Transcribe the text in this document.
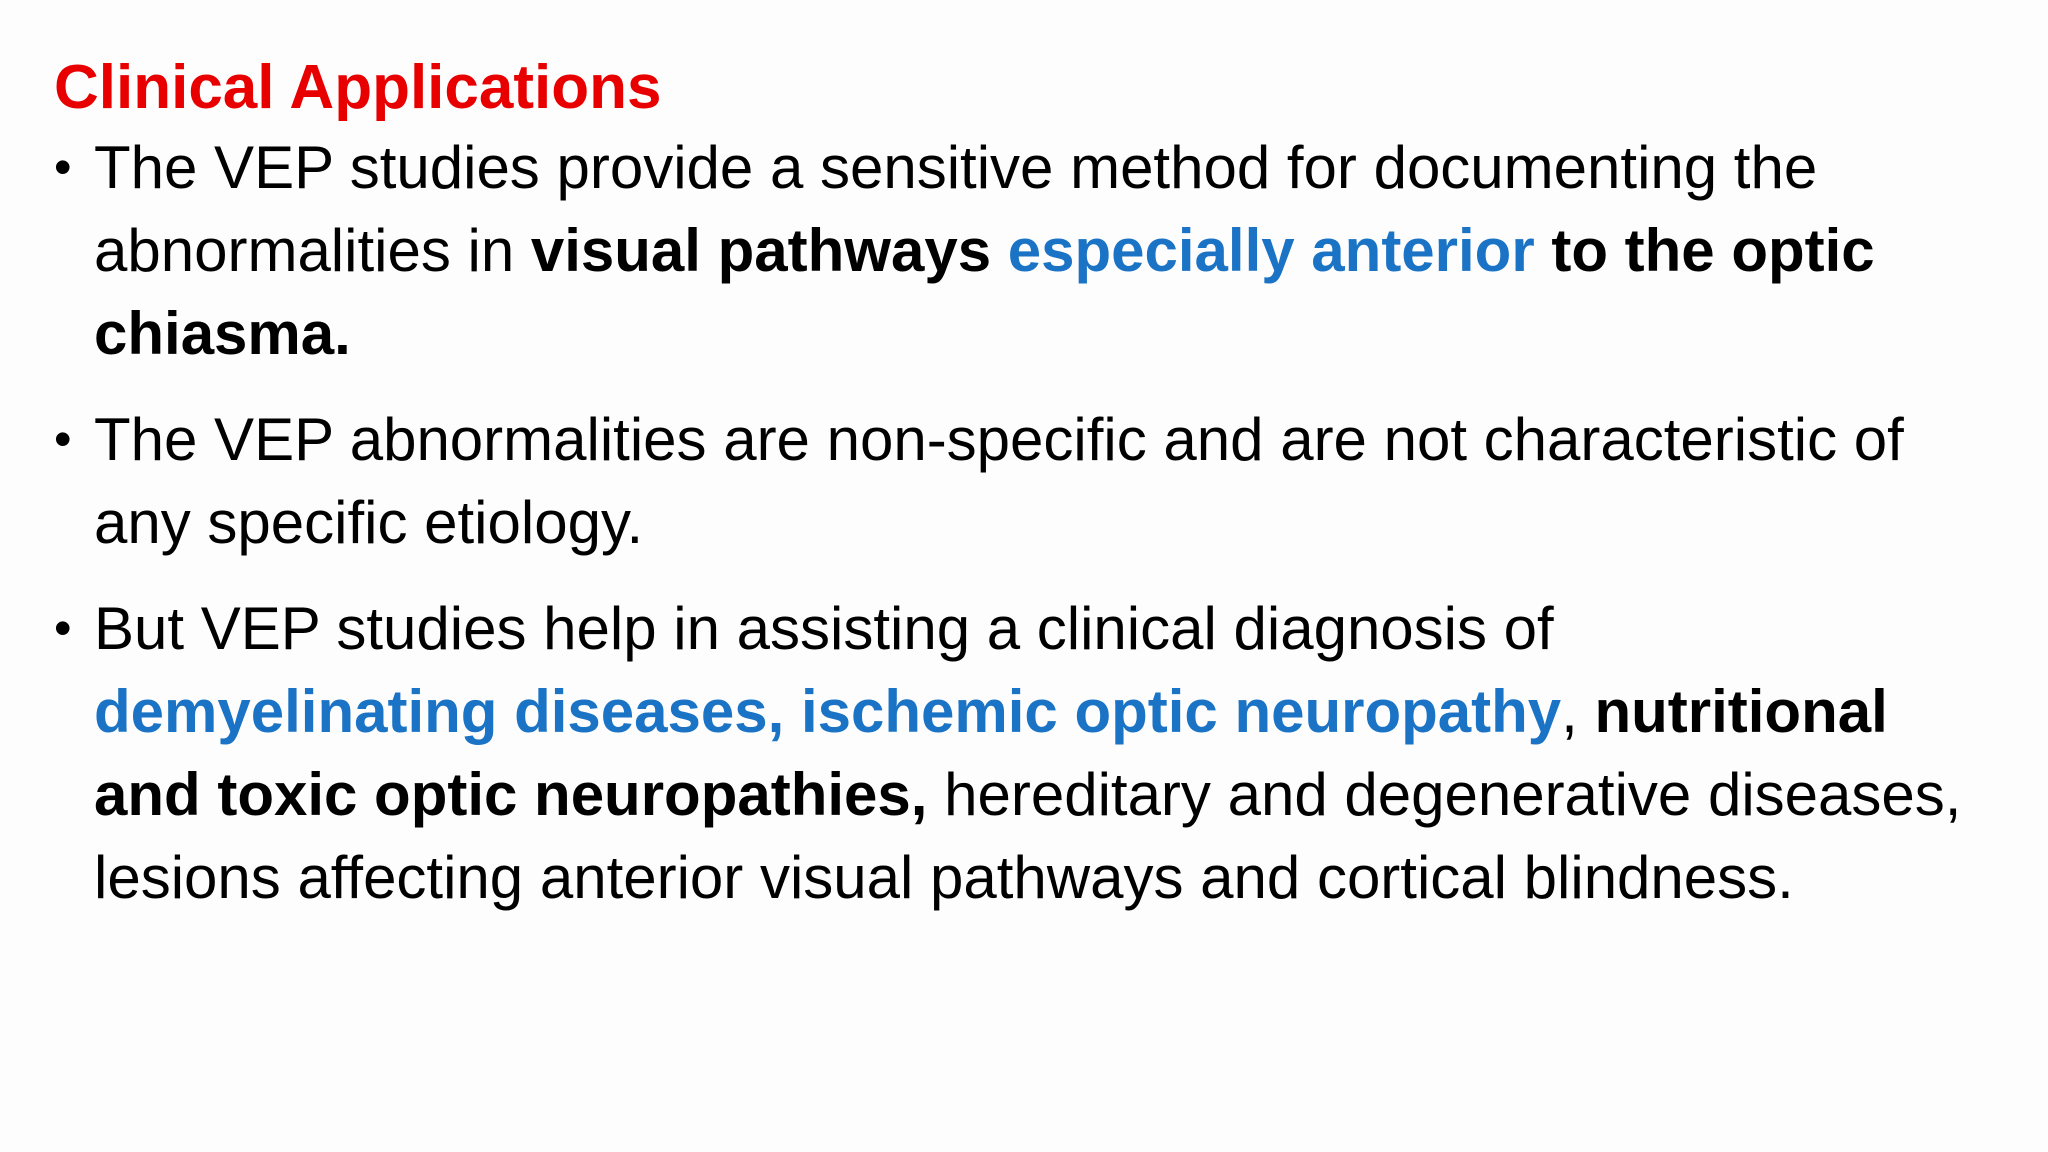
Clinical Applications
• The VEP studies provide a sensitive method for documenting the abnormalities in visual pathways especially anterior to the optic chiasma.
• The VEP abnormalities are non-specific and are not characteristic of any specific etiology.
• But VEP studies help in assisting a clinical diagnosis of demyelinating diseases, ischemic optic neuropathy, nutritional and toxic optic neuropathies, hereditary and degenerative diseases, lesions affecting anterior visual pathways and cortical blindness.
